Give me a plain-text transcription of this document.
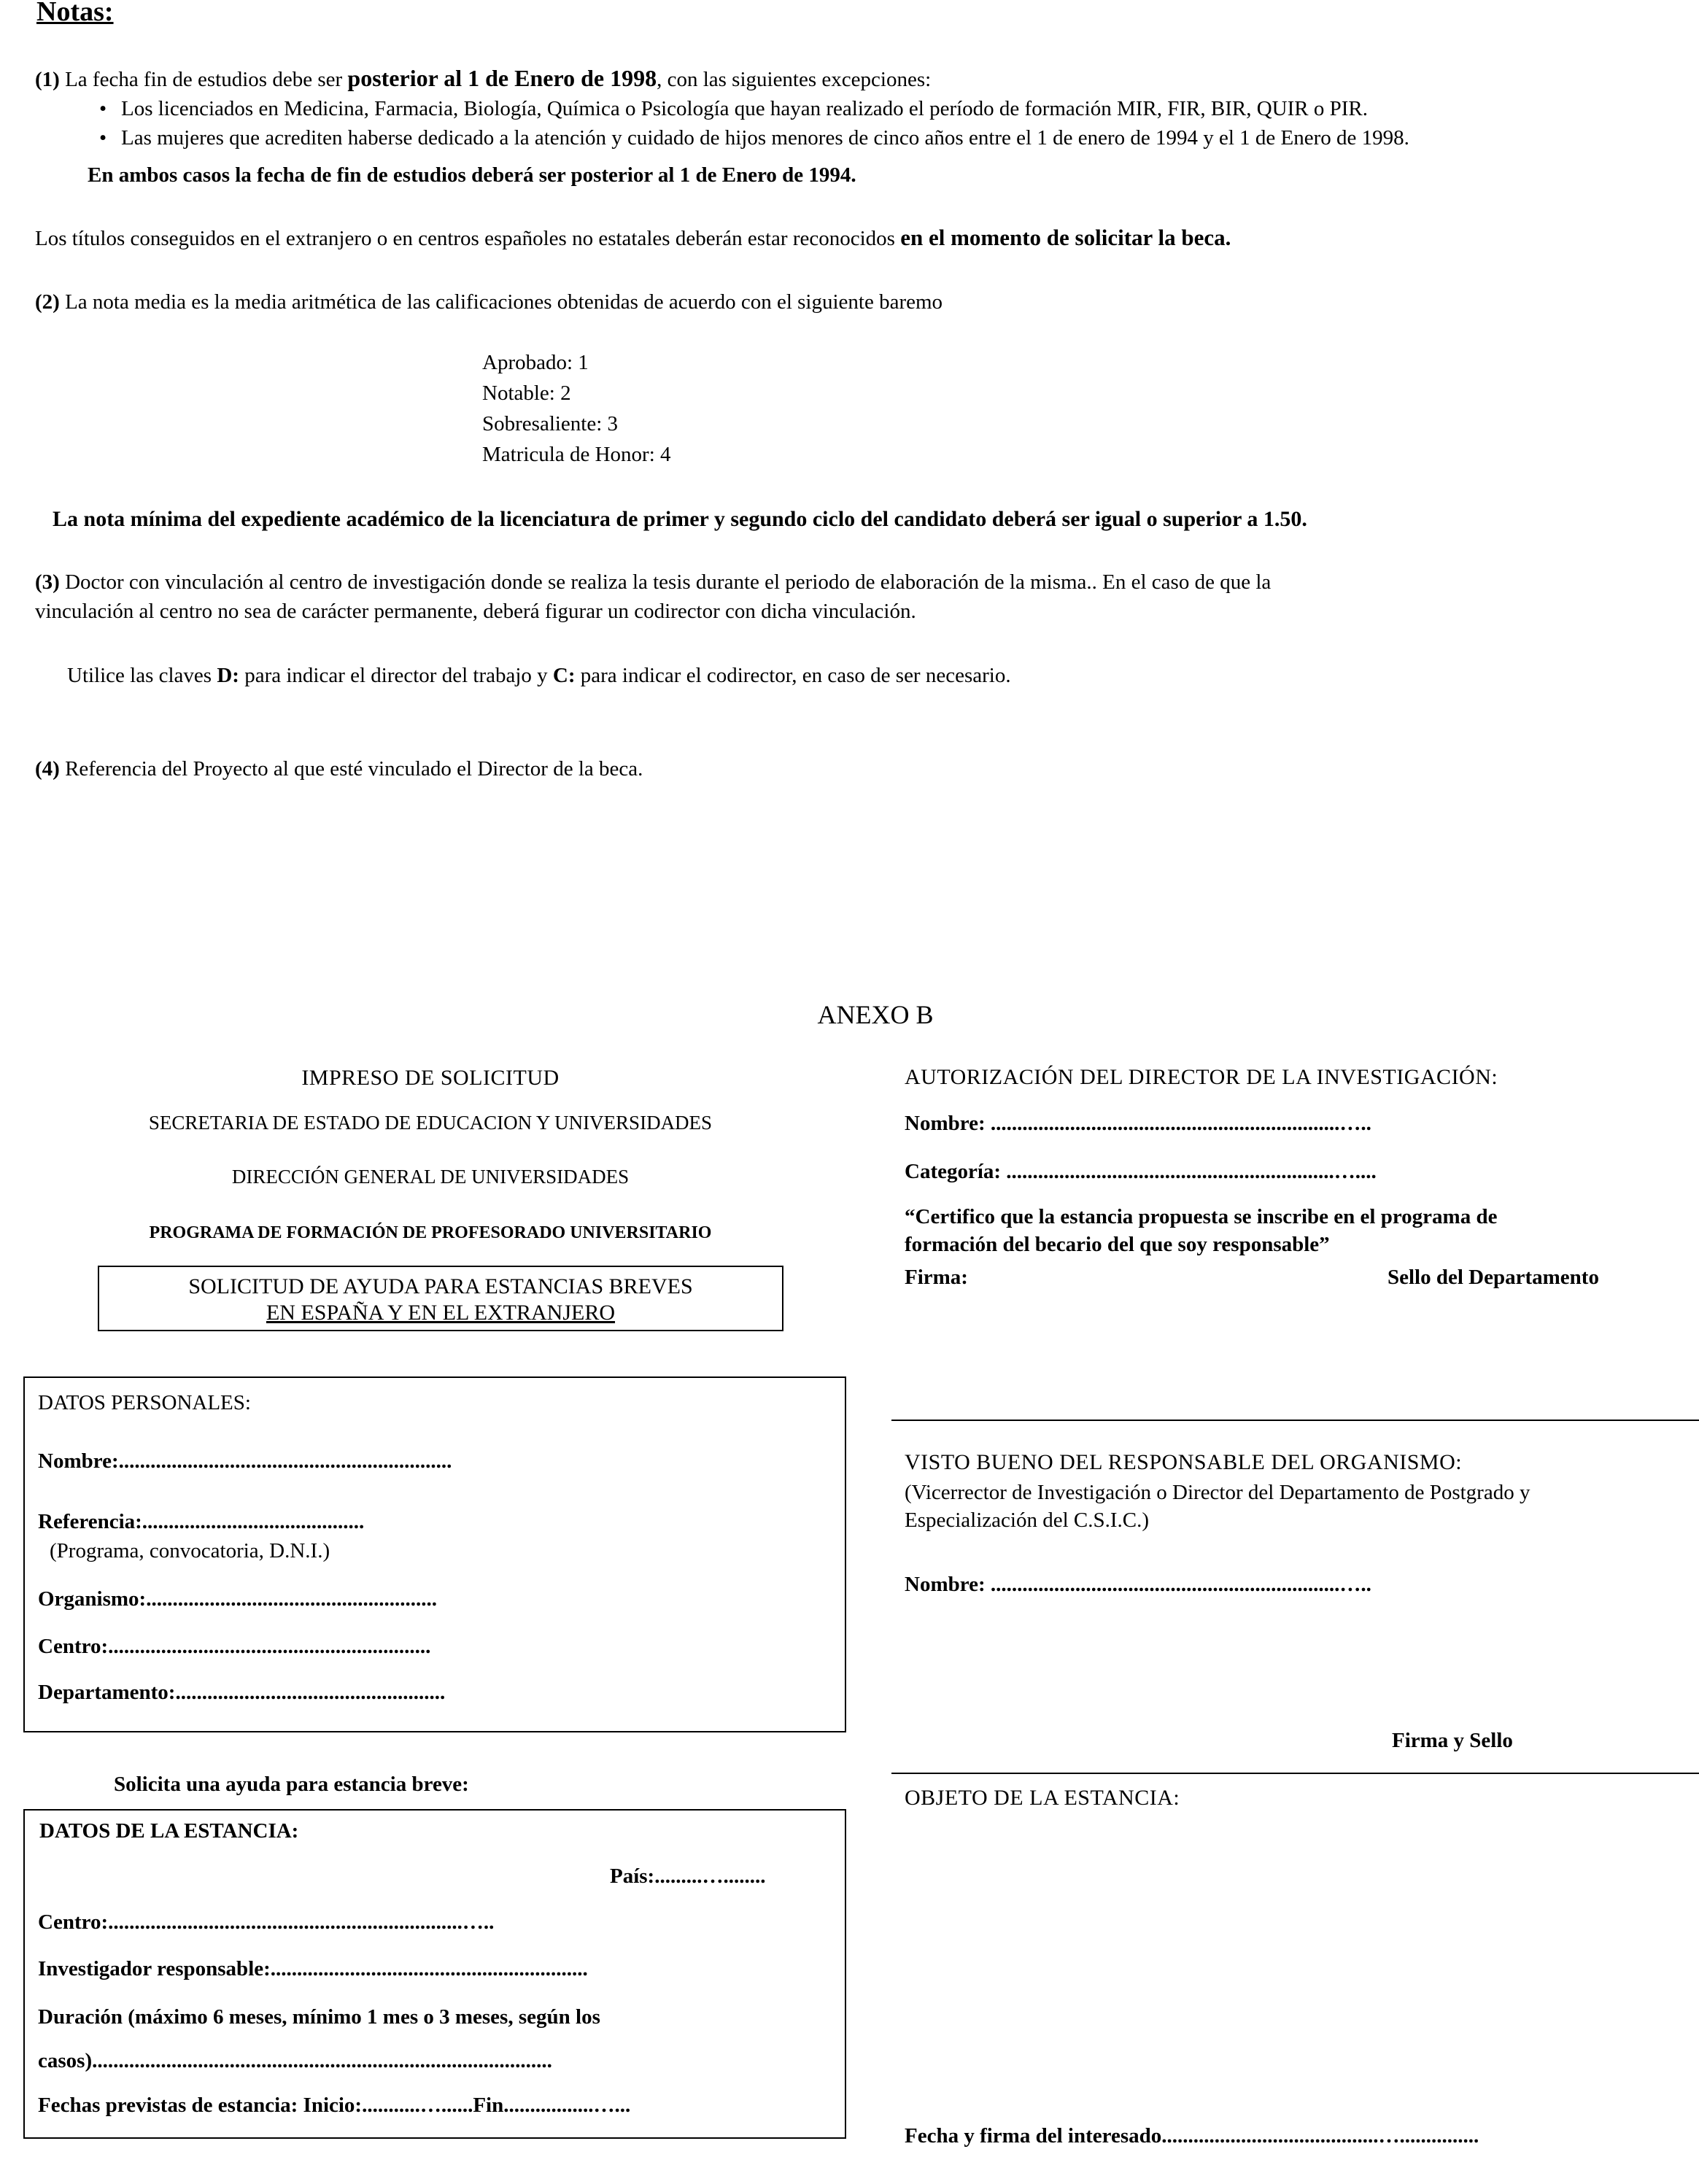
Notas:
(1) La fecha fin de estudios debe ser posterior al 1 de Enero de 1998, con las siguientes excepciones:
• Los licenciados en Medicina, Farmacia, Biología, Química o Psicología que hayan realizado el período de formación MIR, FIR, BIR, QUIR o PIR.
• Las mujeres que acrediten haberse dedicado a la atención y cuidado de hijos menores de cinco años entre el 1 de enero de 1994 y el 1 de Enero de 1998.
En ambos casos la fecha de fin de estudios deberá ser posterior al 1 de Enero de 1994.
Los títulos conseguidos en el extranjero o en centros españoles no estatales deberán estar reconocidos en el momento de solicitar la beca.
(2) La nota media es la media aritmética de las calificaciones obtenidas de acuerdo con el siguiente baremo
Aprobado: 1
Notable: 2
Sobresaliente: 3
Matricula de Honor: 4
La nota mínima del expediente académico de la licenciatura de primer y segundo ciclo del candidato deberá ser igual o superior a 1.50.
(3) Doctor con vinculación al centro de investigación donde se realiza la tesis durante el periodo de elaboración de la misma.. En el caso de que la
vinculación al centro no sea de carácter permanente, deberá figurar un codirector con dicha vinculación.
Utilice las claves D: para indicar el director del trabajo y C: para indicar el codirector, en caso de ser necesario.
(4) Referencia del Proyecto al que esté vinculado el Director de la beca.
ANEXO B
IMPRESO DE SOLICITUD
SECRETARIA DE ESTADO DE EDUCACION Y UNIVERSIDADES
DIRECCIÓN GENERAL DE UNIVERSIDADES
PROGRAMA DE FORMACIÓN DE PROFESORADO UNIVERSITARIO
SOLICITUD DE AYUDA PARA ESTANCIAS BREVES
EN ESPAÑA Y EN EL EXTRANJERO
DATOS PERSONALES:
Nombre:...............................................................
Referencia:..........................................
(Programa, convocatoria, D.N.I.)
Organismo:.......................................................
Centro:.............................................................
Departamento:...................................................
Solicita una ayuda para estancia breve:
DATOS DE LA ESTANCIA:
País:.........…........
Centro:...................................................................…..
Investigador responsable:............................................................
Duración (máximo 6 meses, mínimo 1 mes o 3 meses, según los
casos).......................................................................................
Fechas previstas de estancia: Inicio:...........…......Fin.................…...
AUTORIZACIÓN DEL DIRECTOR DE LA INVESTIGACIÓN:
Nombre: ..................................................................…..
Categoría: ..............................................................…....
“Certifico que la estancia propuesta se inscribe en el programa de
formación del becario del que soy responsable”
Firma:	Sello del Departamento
VISTO BUENO DEL RESPONSABLE DEL ORGANISMO:
(Vicerrector de Investigación o Director del Departamento de Postgrado y
Especialización del C.S.I.C.)
Nombre: ..................................................................…..
Firma y Sello
OBJETO DE LA ESTANCIA:
Fecha y firma del interesado.........................................…...............
